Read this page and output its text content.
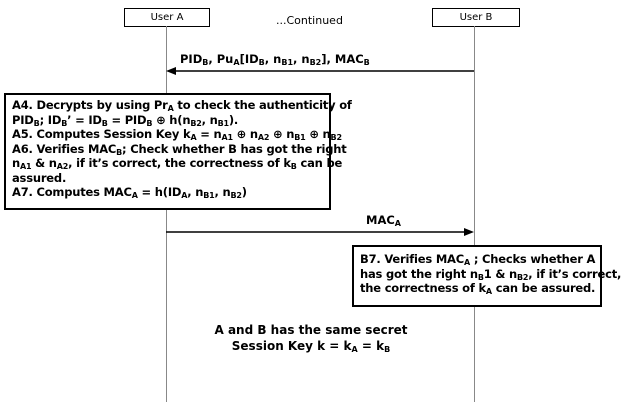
User A	User B
...Continued
$PID_B$, $Pu_A[ID_B$, $n_{B1}$, $n_{B2}$], $MAC_B$
A4. Decrypts by using $Pr_A$ to check the authenticity of
$PID_B$; $ID_B$’ = $ID_B = PID_B$ ⊕ $h(n_{B2}$, $n_{B1}$).
A5. Computes Session Key $k_A = n_{A1}$ ⊕ $n_{A2}$ ⊕ $n_{B1}$ ⊕ $n_{B2}$
A6. Verifies $MAC_B$; Check whether B has got the right
$n_{A1}$ & $n_{A2}$, if it’s correct, the correctness of $k_B$ can be
assured.
A7. Computes $MAC_A = h(ID_A$, $n_{B1}$, $n_{B2}$)
$MAC_A$
B7. Verifies $MAC_A$ ; Checks whether A
has got the right $n_B1$ & $n_{B2}$, if it’s correct,
the correctness of $k_A$ can be assured.
A and B has the same secret
Session Key $k = k_A = k_B$
